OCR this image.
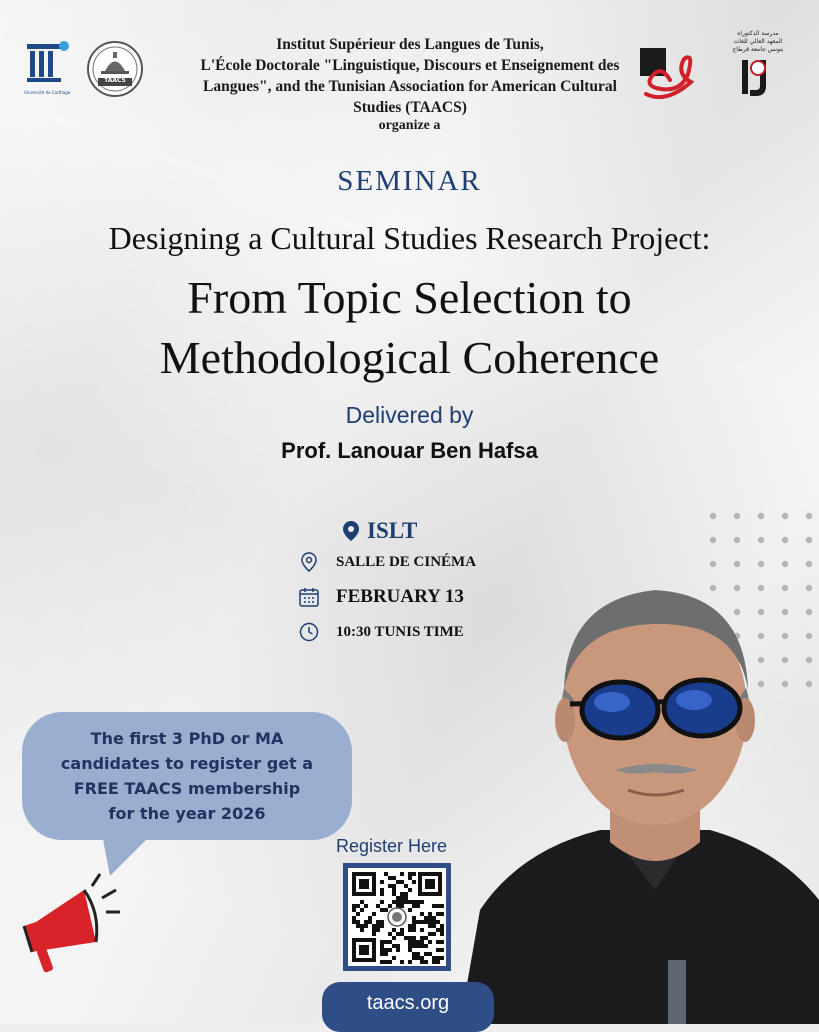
Université de Carthage
TAACS
مدرسة الدكتوراه المعهد العالي للغات بتونس جامعة قرطاج
Institut Supérieur des Langues de Tunis,
L'École Doctorale "Linguistique, Discours et Enseignement des
Langues", and the Tunisian Association for American Cultural
Studies (TAACS)
organize a
SEMINAR
Designing a Cultural Studies Research Project:
From Topic Selection to
Methodological Coherence
Delivered by
Prof. Lanouar Ben Hafsa
ISLT
SALLE DE CINÉMA
FEBRUARY 13
10:30 TUNIS TIME
The first 3 PhD or MA
candidates to register get a
FREE TAACS membership
for the year 2026
Register Here
taacs.org
